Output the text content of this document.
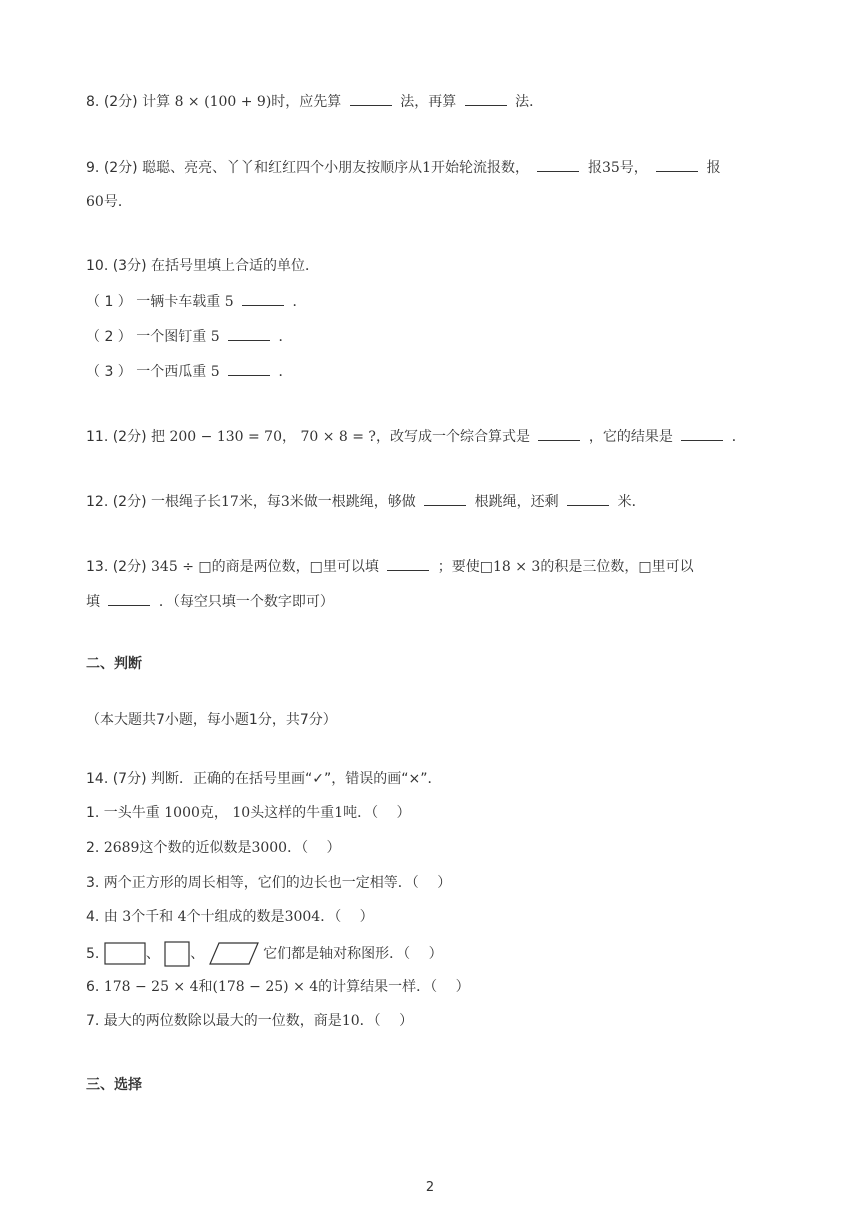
8. (2分) 计算 8 × (100 + 9)时，应先算	法，再算	法．
9. (2分) 聪聪、亮亮、丫丫和红红四个小朋友按顺序从1开始轮流报数，	报35号，	报
60号．
10. (3分) 在括号里填上合适的单位．
（ 1 ） 一辆卡车载重 5	．
（ 2 ） 一个图钉重 5	．
（ 3 ） 一个西瓜重 5	．
11. (2分) 把 200 − 130 = 70， 70 × 8 = ?，改写成一个综合算式是	，它的结果是	．
12. (2分) 一根绳子长17米，每3米做一根跳绳，够做	根跳绳，还剩	米．
13. (2分) 345 ÷ □的商是两位数，□里可以填	；要使□18 × 3的积是三位数，□里可以
填	．（每空只填一个数字即可）
二、判断
（本大题共7小题，每小题1分，共7分）
14. (7分) 判断．正确的在括号里画“✓”，错误的画“×”．
1. 一头牛重 1000克， 10头这样的牛重1吨．（　 ）
2. 2689这个数的近似数是3000．（　 ）
3. 两个正方形的周长相等，它们的边长也一定相等．（　 ）
4. 由 3个千和 4个十组成的数是3004．（　 ）
5.	、 、	它们都是轴对称图形．（　 ）
6. 178 − 25 × 4和(178 − 25) × 4的计算结果一样．（　 ）
7. 最大的两位数除以最大的一位数，商是10．（　 ）
三、选择
2
